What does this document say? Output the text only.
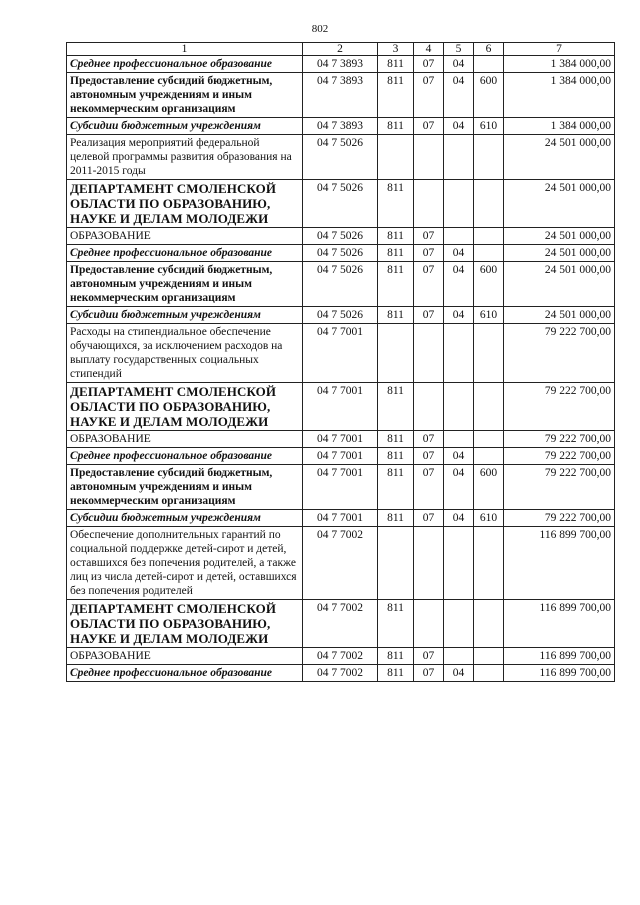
802
1	2	3	4	5	6	7
Среднее профессиональное образование	04 7 3893	811	07	04		1 384 000,00
Предоставление субсидий бюджетным, автономным учреждениям и иным некоммерческим организациям	04 7 3893	811	07	04	600	1 384 000,00
Субсидии бюджетным учреждениям	04 7 3893	811	07	04	610	1 384 000,00
Реализация мероприятий федеральной целевой программы развития образования на 2011-2015 годы	04 7 5026					24 501 000,00
ДЕПАРТАМЕНТ СМОЛЕНСКОЙ ОБЛАСТИ ПО ОБРАЗОВАНИЮ, НАУКЕ И ДЕЛАМ МОЛОДЕЖИ	04 7 5026	811				24 501 000,00
ОБРАЗОВАНИЕ	04 7 5026	811	07			24 501 000,00
Среднее профессиональное образование	04 7 5026	811	07	04		24 501 000,00
Предоставление субсидий бюджетным, автономным учреждениям и иным некоммерческим организациям	04 7 5026	811	07	04	600	24 501 000,00
Субсидии бюджетным учреждениям	04 7 5026	811	07	04	610	24 501 000,00
Расходы на стипендиальное обеспечение обучающихся, за исключением расходов на выплату государственных социальных стипендий	04 7 7001					79 222 700,00
ДЕПАРТАМЕНТ СМОЛЕНСКОЙ ОБЛАСТИ ПО ОБРАЗОВАНИЮ, НАУКЕ И ДЕЛАМ МОЛОДЕЖИ	04 7 7001	811				79 222 700,00
ОБРАЗОВАНИЕ	04 7 7001	811	07			79 222 700,00
Среднее профессиональное образование	04 7 7001	811	07	04		79 222 700,00
Предоставление субсидий бюджетным, автономным учреждениям и иным некоммерческим организациям	04 7 7001	811	07	04	600	79 222 700,00
Субсидии бюджетным учреждениям	04 7 7001	811	07	04	610	79 222 700,00
Обеспечение дополнительных гарантий по социальной поддержке детей-сирот и детей, оставшихся без попечения родителей, а также лиц из числа детей-сирот и детей, оставшихся без попечения родителей	04 7 7002					116 899 700,00
ДЕПАРТАМЕНТ СМОЛЕНСКОЙ ОБЛАСТИ ПО ОБРАЗОВАНИЮ, НАУКЕ И ДЕЛАМ МОЛОДЕЖИ	04 7 7002	811				116 899 700,00
ОБРАЗОВАНИЕ	04 7 7002	811	07			116 899 700,00
Среднее профессиональное образование	04 7 7002	811	07	04		116 899 700,00
